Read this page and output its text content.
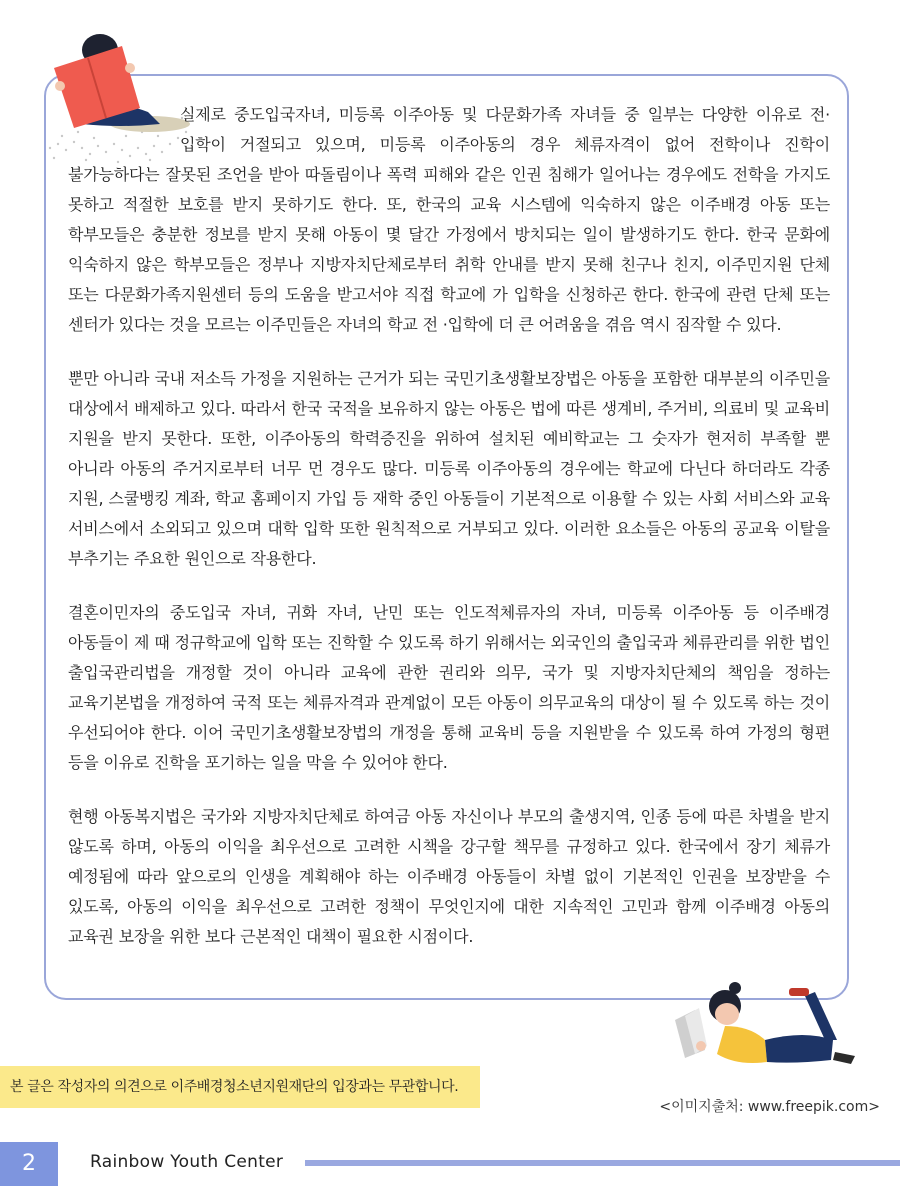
실제로 중도입국자녀, 미등록 이주아동 및 다문화가족 자녀들 중 일부는 다양한 이유로 전·입학이 거절되고 있으며, 미등록 이주아동의 경우 체류자격이 없어 전학이나 진학이 불가능하다는 잘못된 조언을 받아 따돌림이나 폭력 피해와 같은 인권 침해가 일어나는 경우에도 전학을 가지도 못하고 적절한 보호를 받지 못하기도 한다. 또, 한국의 교육 시스템에 익숙하지 않은 이주배경 아동 또는 학부모들은 충분한 정보를 받지 못해 아동이 몇 달간 가정에서 방치되는 일이 발생하기도 한다. 한국 문화에 익숙하지 않은 학부모들은 정부나 지방자치단체로부터 취학 안내를 받지 못해 친구나 친지, 이주민지원 단체 또는 다문화가족지원센터 등의 도움을 받고서야 직접 학교에 가 입학을 신청하곤 한다. 한국에 관련 단체 또는 센터가 있다는 것을 모르는 이주민들은 자녀의 학교 전 ·입학에 더 큰 어려움을 겪음 역시 짐작할 수 있다.

뿐만 아니라 국내 저소득 가정을 지원하는 근거가 되는 국민기초생활보장법은 아동을 포함한 대부분의 이주민을 대상에서 배제하고 있다. 따라서 한국 국적을 보유하지 않는 아동은 법에 따른 생계비, 주거비, 의료비 및 교육비 지원을 받지 못한다. 또한, 이주아동의 학력증진을 위하여 설치된 예비학교는 그 숫자가 현저히 부족할 뿐 아니라 아동의 주거지로부터 너무 먼 경우도 많다. 미등록 이주아동의 경우에는 학교에 다닌다 하더라도 각종 지원, 스쿨뱅킹 계좌, 학교 홈페이지 가입 등 재학 중인 아동들이 기본적으로 이용할 수 있는 사회 서비스와 교육 서비스에서 소외되고 있으며 대학 입학 또한 원칙적으로 거부되고 있다. 이러한 요소들은 아동의 공교육 이탈을 부추기는 주요한 원인으로 작용한다.

결혼이민자의 중도입국 자녀, 귀화 자녀, 난민 또는 인도적체류자의 자녀, 미등록 이주아동 등 이주배경 아동들이 제 때 정규학교에 입학 또는 진학할 수 있도록 하기 위해서는 외국인의 출입국과 체류관리를 위한 법인 출입국관리법을 개정할 것이 아니라 교육에 관한 권리와 의무, 국가 및 지방자치단체의 책임을 정하는 교육기본법을 개정하여 국적 또는 체류자격과 관계없이 모든 아동이 의무교육의 대상이 될 수 있도록 하는 것이 우선되어야 한다. 이어 국민기초생활보장법의 개정을 통해 교육비 등을 지원받을 수 있도록 하여 가정의 형편 등을 이유로 진학을 포기하는 일을 막을 수 있어야 한다.

현행 아동복지법은 국가와 지방자치단체로 하여금 아동 자신이나 부모의 출생지역, 인종 등에 따른 차별을 받지 않도록 하며, 아동의 이익을 최우선으로 고려한 시책을 강구할 책무를 규정하고 있다. 한국에서 장기 체류가 예정됨에 따라 앞으로의 인생을 계획해야 하는 이주배경 아동들이 차별 없이 기본적인 인권을 보장받을 수 있도록, 아동의 이익을 최우선으로 고려한 정책이 무엇인지에 대한 지속적인 고민과 함께 이주배경 아동의 교육권 보장을 위한 보다 근본적인 대책이 필요한 시점이다.

본 글은 작성자의 의견으로 이주배경청소년지원재단의 입장과는 무관합니다.
<이미지출처: www.freepik.com>
2	Rainbow Youth Center
